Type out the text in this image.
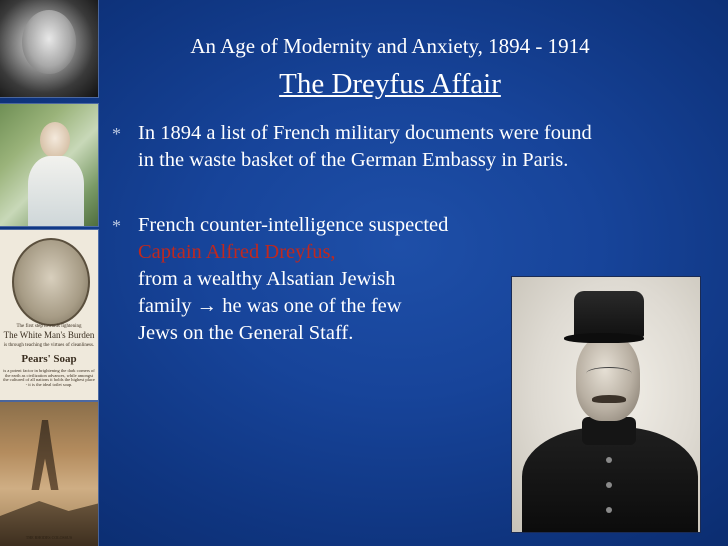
The first step towards lightening
The White Man's Burden
is through teaching the virtues of cleanliness.
Pears' Soap
is a potent factor in brightening the dark corners of the earth as civilization advances, while amongst the cultured of all nations it holds the highest place - it is the ideal toilet soap.
THE RHODES COLOSSUS
An Age of Modernity and Anxiety, 1894 - 1914
The Dreyfus Affair
* In 1894 a list of French military documents were found
in the waste basket of the German Embassy in Paris.
* French counter-intelligence suspected
Captain Alfred Dreyfus,
from a wealthy Alsatian Jewish
family → he was one of the few
Jews on the General Staff.
